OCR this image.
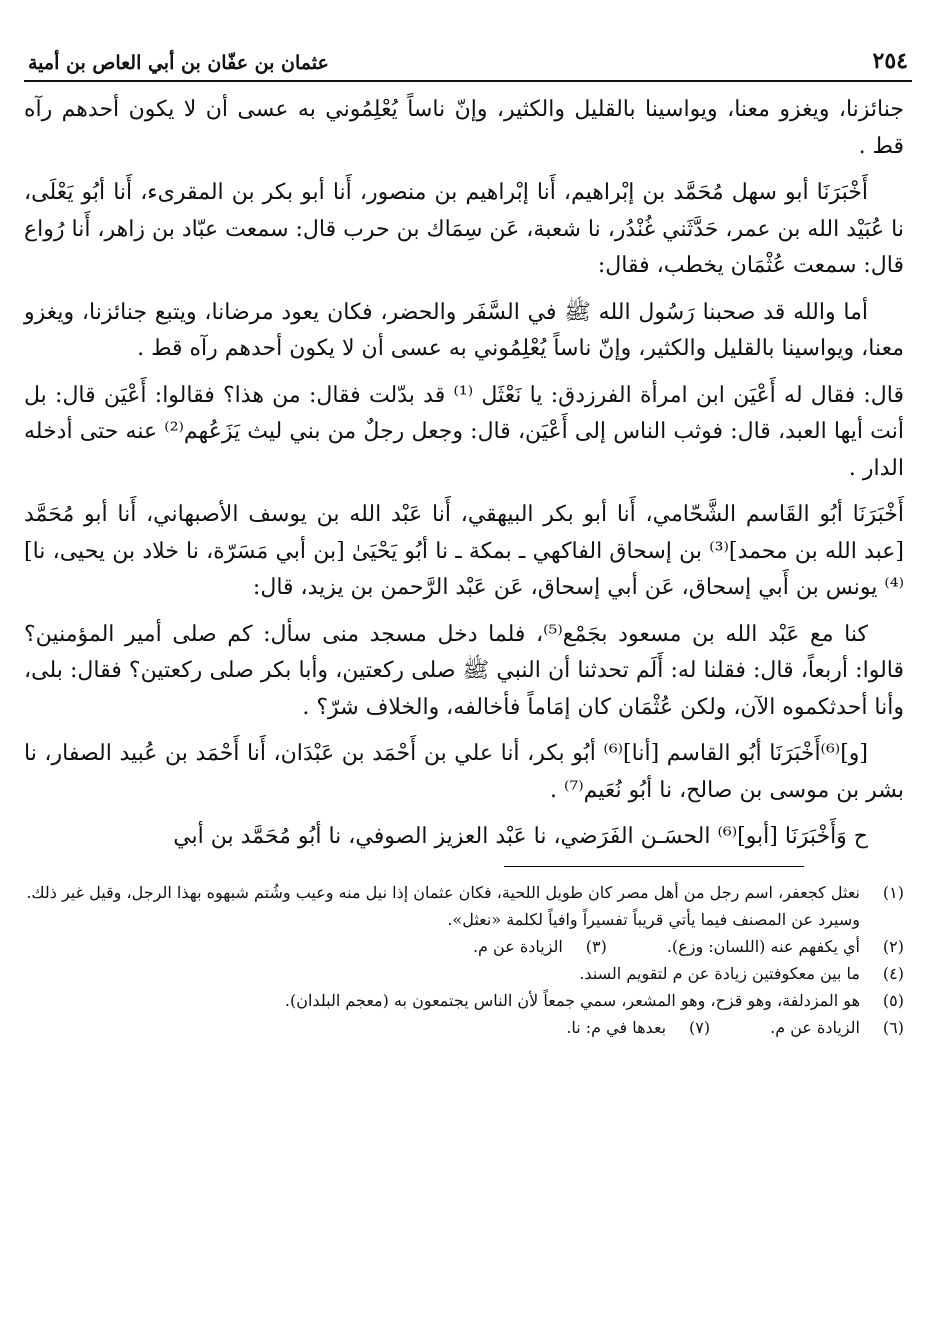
٢٥٤
عثمان بن عفّان بن أبي العاص بن أمية

جنائزنا، ويغزو معنا، ويواسينا بالقليل والكثير، وإنّ ناساً يُعْلِمُوني به عسى أن لا يكون أحدهم رآه قط .

أَخْبَرَنَا أبو سهل مُحَمَّد بن إبْراهيم، أَنا إبْراهيم بن منصور، أَنا أبو بكر بن المقرىء، أَنا أبُو يَعْلَى، نا عُبَيْد الله بن عمر، حَدَّثَني غُنْدُر، نا شعبة، عَن سِمَاك بن حرب قال: سمعت عبّاد بن زاهر، أَنا رُواع قال: سمعت عُثْمَان يخطب، فقال:

أما والله قد صحبنا رَسُول الله ﷺ في السَّفَر والحضر، فكان يعود مرضانا، ويتبع جنائزنا، ويغزو معنا، ويواسينا بالقليل والكثير، وإنّ ناساً يُعْلِمُوني به عسى أن لا يكون أحدهم رآه قط .

قال: فقال له أَعْيَن ابن امرأة الفرزدق: يا نَعْثَل ⁽¹⁾ قد بدّلت فقال: من هذا؟ فقالوا: أَعْيَن قال: بل أنت أيها العبد، قال: فوثب الناس إلى أَعْيَن، قال: وجعل رجلٌ من بني ليث يَزَعُهم⁽²⁾ عنه حتى أدخله الدار .

أَخْبَرَنَا أبُو القَاسم الشَّحّامي، أَنا أبو بكر البيهقي، أَنا عَبْد الله بن يوسف الأصبهاني، أَنا أبو مُحَمَّد [عبد الله بن محمد]⁽³⁾ بن إسحاق الفاكهي ـ بمكة ـ نا أبُو يَحْيَىٰ [بن أبي مَسَرّة، نا خلاد بن يحيى، نا]⁽⁴⁾ يونس بن أَبي إسحاق، عَن أبي إسحاق، عَن عَبْد الرَّحمن بن يزيد، قال:

كنا مع عَبْد الله بن مسعود بجَمْع⁽⁵⁾، فلما دخل مسجد منى سأل: كم صلى أمير المؤمنين؟ قالوا: أربعاً، قال: فقلنا له: أَلَم تحدثنا أن النبي ﷺ صلى ركعتين، وأبا بكر صلى ركعتين؟ فقال: بلى، وأنا أحدثكموه الآن، ولكن عُثْمَان كان إمَاماً فأخالفه، والخلاف شرّ؟ .

[و]⁽⁶⁾أَخْبَرَنَا أبُو القاسم [أنا]⁽⁶⁾ أبُو بكر، أنا علي بن أَحْمَد بن عَبْدَان، أَنا أَحْمَد بن عُبيد الصفار، نا بشر بن موسى بن صالح، نا أبُو نُعَيم⁽⁷⁾ .

ح وَأَخْبَرَنَا [أبو]⁽⁶⁾ الحسَـن الفَرَضي، نا عَبْد العزيز الصوفي، نا أبُو مُحَمَّد بن أبي

(١)
نعثل كجعفر، اسم رجل من أهل مصر كان طويل اللحية، فكان عثمان إذا نيل منه وعيب وشُتم شبهوه بهذا الرجل، وقيل غير ذلك. وسيرد عن المصنف فيما يأتي قريباً تفسيراً وافياً لكلمة «نعثل».
(٢)
أي يكفهم عنه (اللسان: وزع).
(٣)
الزيادة عن م.
(٤)
ما بين معكوفتين زيادة عن م لتقويم السند.
(٥)
هو المزدلفة، وهو قزح، وهو المشعر، سمي جمعاً لأن الناس يجتمعون به (معجم البلدان).
(٦)
الزيادة عن م.
(٧)
بعدها في م: نا.
